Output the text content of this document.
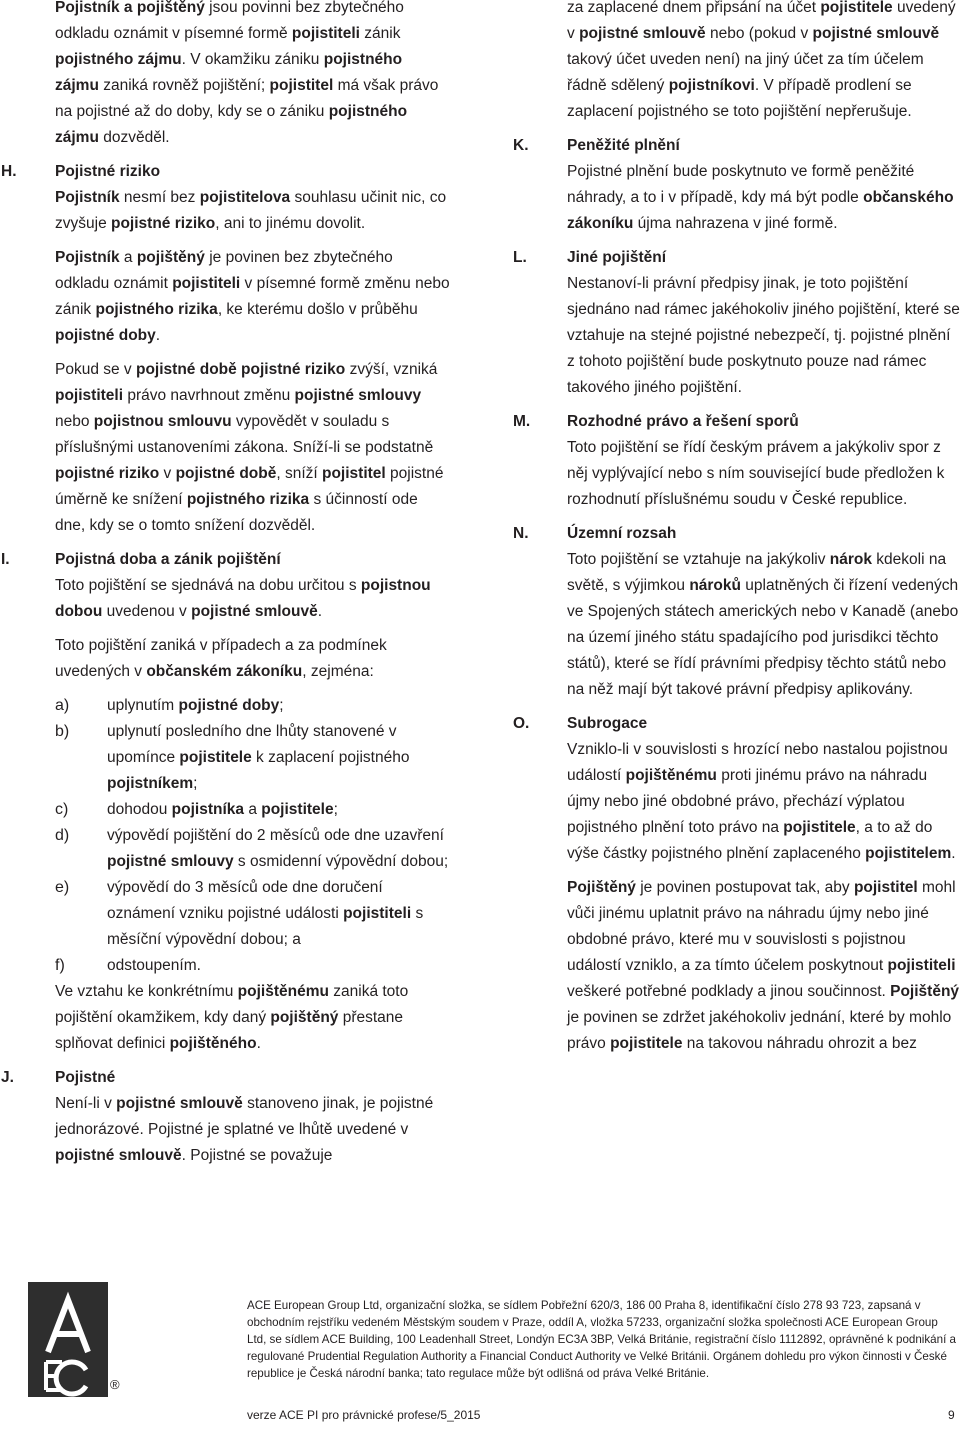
Pojistník a pojištěný jsou povinni bez zbytečného odkladu oznámit v písemné formě pojistiteli zánik pojistného zájmu. V okamžiku zániku pojistného zájmu zaniká rovněž pojištění; pojistitel má však právo na pojistné až do doby, kdy se o zániku pojistného zájmu dozvěděl.

H. Pojistné riziko

Pojistník nesmí bez pojistitelova souhlasu učinit nic, co zvyšuje pojistné riziko, ani to jinému dovolit.

Pojistník a pojištěný je povinen bez zbytečného odkladu oznámit pojistiteli v písemné formě změnu nebo zánik pojistného rizika, ke kterému došlo v průběhu pojistné doby.

Pokud se v pojistné době pojistné riziko zvýší, vzniká pojistiteli právo navrhnout změnu pojistné smlouvy nebo pojistnou smlouvu vypovědět v souladu s příslušnými ustanoveními zákona. Sníží-li se podstatně pojistné riziko v pojistné době, sníží pojistitel pojistné úměrně ke snížení pojistného rizika s účinností ode dne, kdy se o tomto snížení dozvěděl.

I.	Pojistná doba a zánik pojištění

Toto pojištění se sjednává na dobu určitou s pojistnou dobou uvedenou v pojistné smlouvě.

Toto pojištění zaniká v případech a za podmínek uvedených v občanském zákoníku, zejména:

a) uplynutím pojistné doby;
b) uplynutí posledního dne lhůty stanovené v upomínce pojistitele k zaplacení pojistného pojistníkem;
c) dohodou pojistníka a pojistitele;
d) výpovědí pojištění do 2 měsíců ode dne uzavření pojistné smlouvy s osmidenní výpovědní dobou;
e) výpovědí do 3 měsíců ode dne doručení oznámení vzniku pojistné události pojistiteli s měsíční výpovědní dobou; a
f)	odstoupením.

Ve vztahu ke konkrétnímu pojištěnému zaniká toto pojištění okamžikem, kdy daný pojištěný přestane splňovat definici pojištěného.

J.	Pojistné

Není-li v pojistné smlouvě stanoveno jinak, je pojistné jednorázové. Pojistné je splatné ve lhůtě uvedené v pojistné smlouvě. Pojistné se považuje

za zaplacené dnem připsání na účet pojistitele uvedený v pojistné smlouvě nebo (pokud v pojistné smlouvě takový účet uveden není) na jiný účet za tím účelem řádně sdělený pojistníkovi. V případě prodlení se zaplacení pojistného se toto pojištění nepřerušuje.

K. Peněžité plnění

Pojistné plnění bude poskytnuto ve formě peněžité náhrady, a to i v případě, kdy má být podle občanského zákoníku újma nahrazena v jiné formě.

L.	Jiné pojištění

Nestanoví-li právní předpisy jinak, je toto pojištění sjednáno nad rámec jakéhokoliv jiného pojištění, které se vztahuje na stejné pojistné nebezpečí, tj. pojistné plnění z tohoto pojištění bude poskytnuto pouze nad rámec takového jiného pojištění.

M. Rozhodné právo a řešení sporů

Toto pojištění se řídí českým právem a jakýkoliv spor z něj vyplývající nebo s ním související bude předložen k rozhodnutí příslušnému soudu v České republice.

N. Územní rozsah

Toto pojištění se vztahuje na jakýkoliv nárok kdekoli na světě, s výjimkou nároků uplatněných či řízení vedených ve Spojených státech amerických nebo v Kanadě (anebo na území jiného státu spadajícího pod jurisdikci těchto států), které se řídí právními předpisy těchto států nebo na něž mají být takové právní předpisy aplikovány.

O. Subrogace

Vzniklo-li v souvislosti s hrozící nebo nastalou pojistnou událostí pojištěnému proti jinému právo na náhradu újmy nebo jiné obdobné právo, přechází výplatou pojistného plnění toto právo na pojistitele, a to až do výše částky pojistného plnění zaplaceného pojistitelem.

Pojištěný je povinen postupovat tak, aby pojistitel mohl vůči jinému uplatnit právo na náhradu újmy nebo jiné obdobné právo, které mu v souvislosti s pojistnou událostí vzniklo, a za tímto účelem poskytnout pojistiteli veškeré potřebné podklady a jinou součinnost. Pojištěný je povinen se zdržet jakéhokoliv jednání, které by mohlo právo pojistitele na takovou náhradu ohrozit a bez

®
ACE European Group Ltd, organizační složka, se sídlem Pobřežní 620/3, 186 00 Praha 8, identifikační číslo 278 93 723, zapsaná v obchodním rejstříku vedeném Městským soudem v Praze, oddíl A, vložka 57233, organizační složka společnosti ACE European Group Ltd, se sídlem ACE Building, 100 Leadenhall Street, Londýn EC3A 3BP, Velká Británie, registrační číslo 1112892, oprávněné k podnikání a regulované Prudential Regulation Authority a Financial Conduct Authority ve Velké Británii. Orgánem dohledu pro výkon činnosti v České republice je Česká národní banka; tato regulace může být odlišná od práva Velké Británie.
verze ACE PI pro právnické profese/5_2015	9
